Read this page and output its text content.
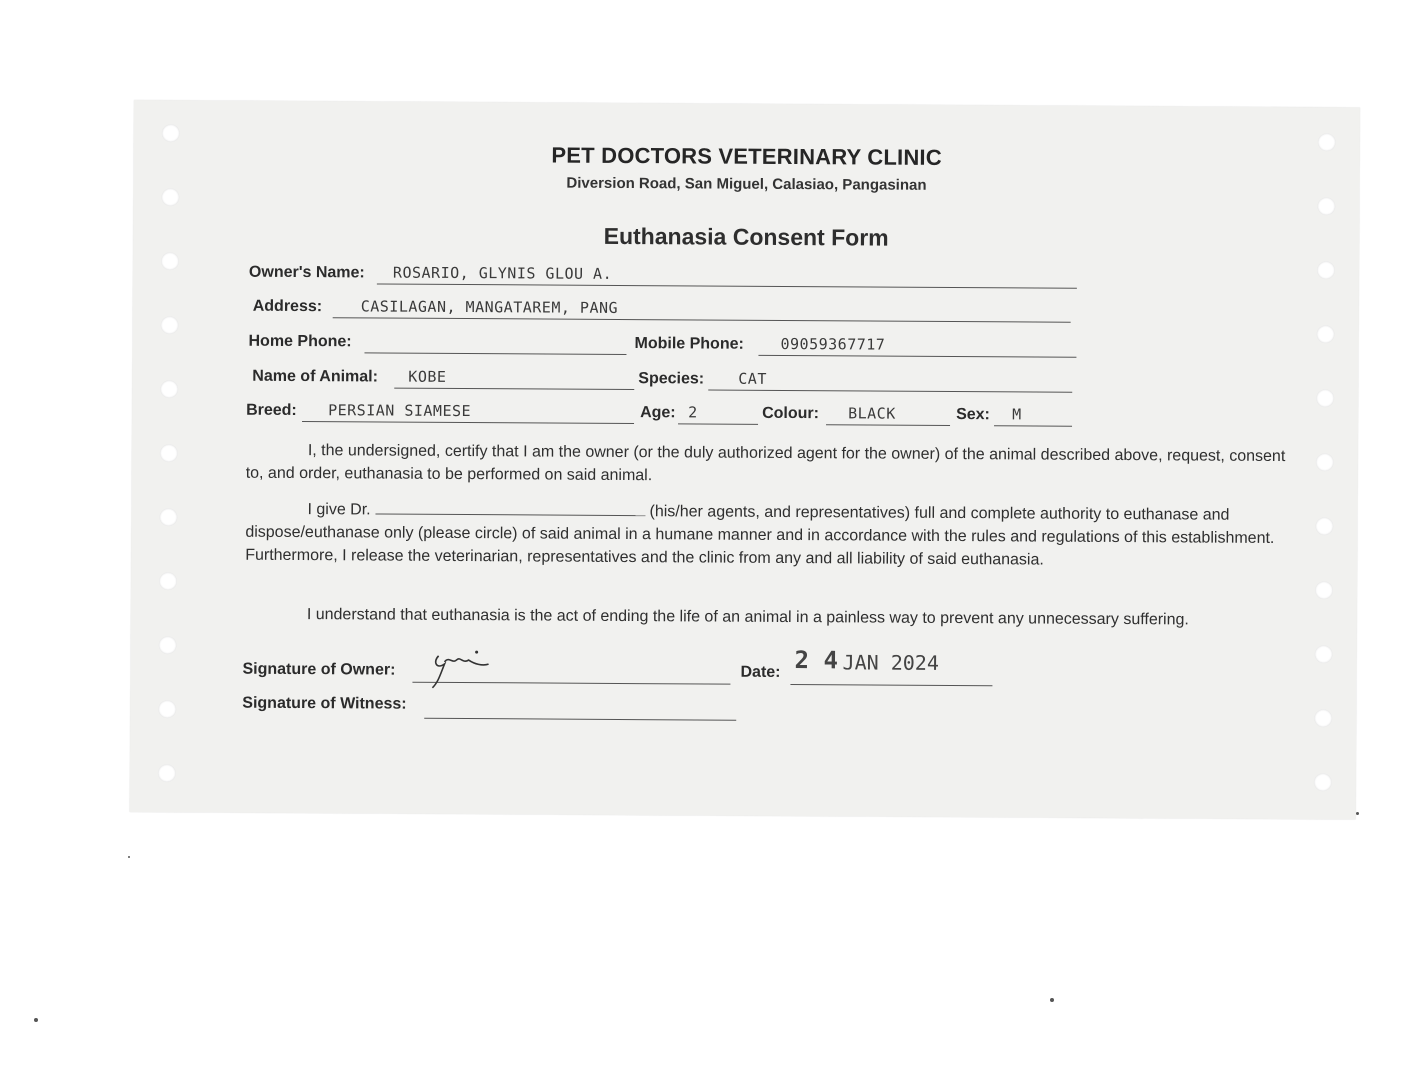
PET DOCTORS VETERINARY CLINIC
Diversion Road, San Miguel, Calasiao, Pangasinan
Euthanasia Consent Form
Owner's Name: ROSARIO, GLYNIS GLOU A.
Address:	CASILAGAN, MANGATAREM, PANG
Home Phone:	Mobile Phone: 09059367717
Name of Animal: KOBE	Species: CAT
Breed: PERSIAN SIAMESE	Age: 2	Colour: BLACK	Sex: M
I, the undersigned, certify that I am the owner (or the duly authorized agent for the owner) of the animal described above, request, consent to, and order, euthanasia to be performed on said animal.
I give Dr.	(his/her agents, and representatives) full and complete authority to euthanase and dispose/euthanase only (please circle) of said animal in a humane manner and in accordance with the rules and regulations of this establishment. Furthermore, I release the veterinarian, representatives and the clinic from any and all liability of said euthanasia.
I understand that euthanasia is the act of ending the life of an animal in a painless way to prevent any unnecessary suffering.
Signature of Owner:	Date: 2 4 JAN 2024
Signature of Witness:
